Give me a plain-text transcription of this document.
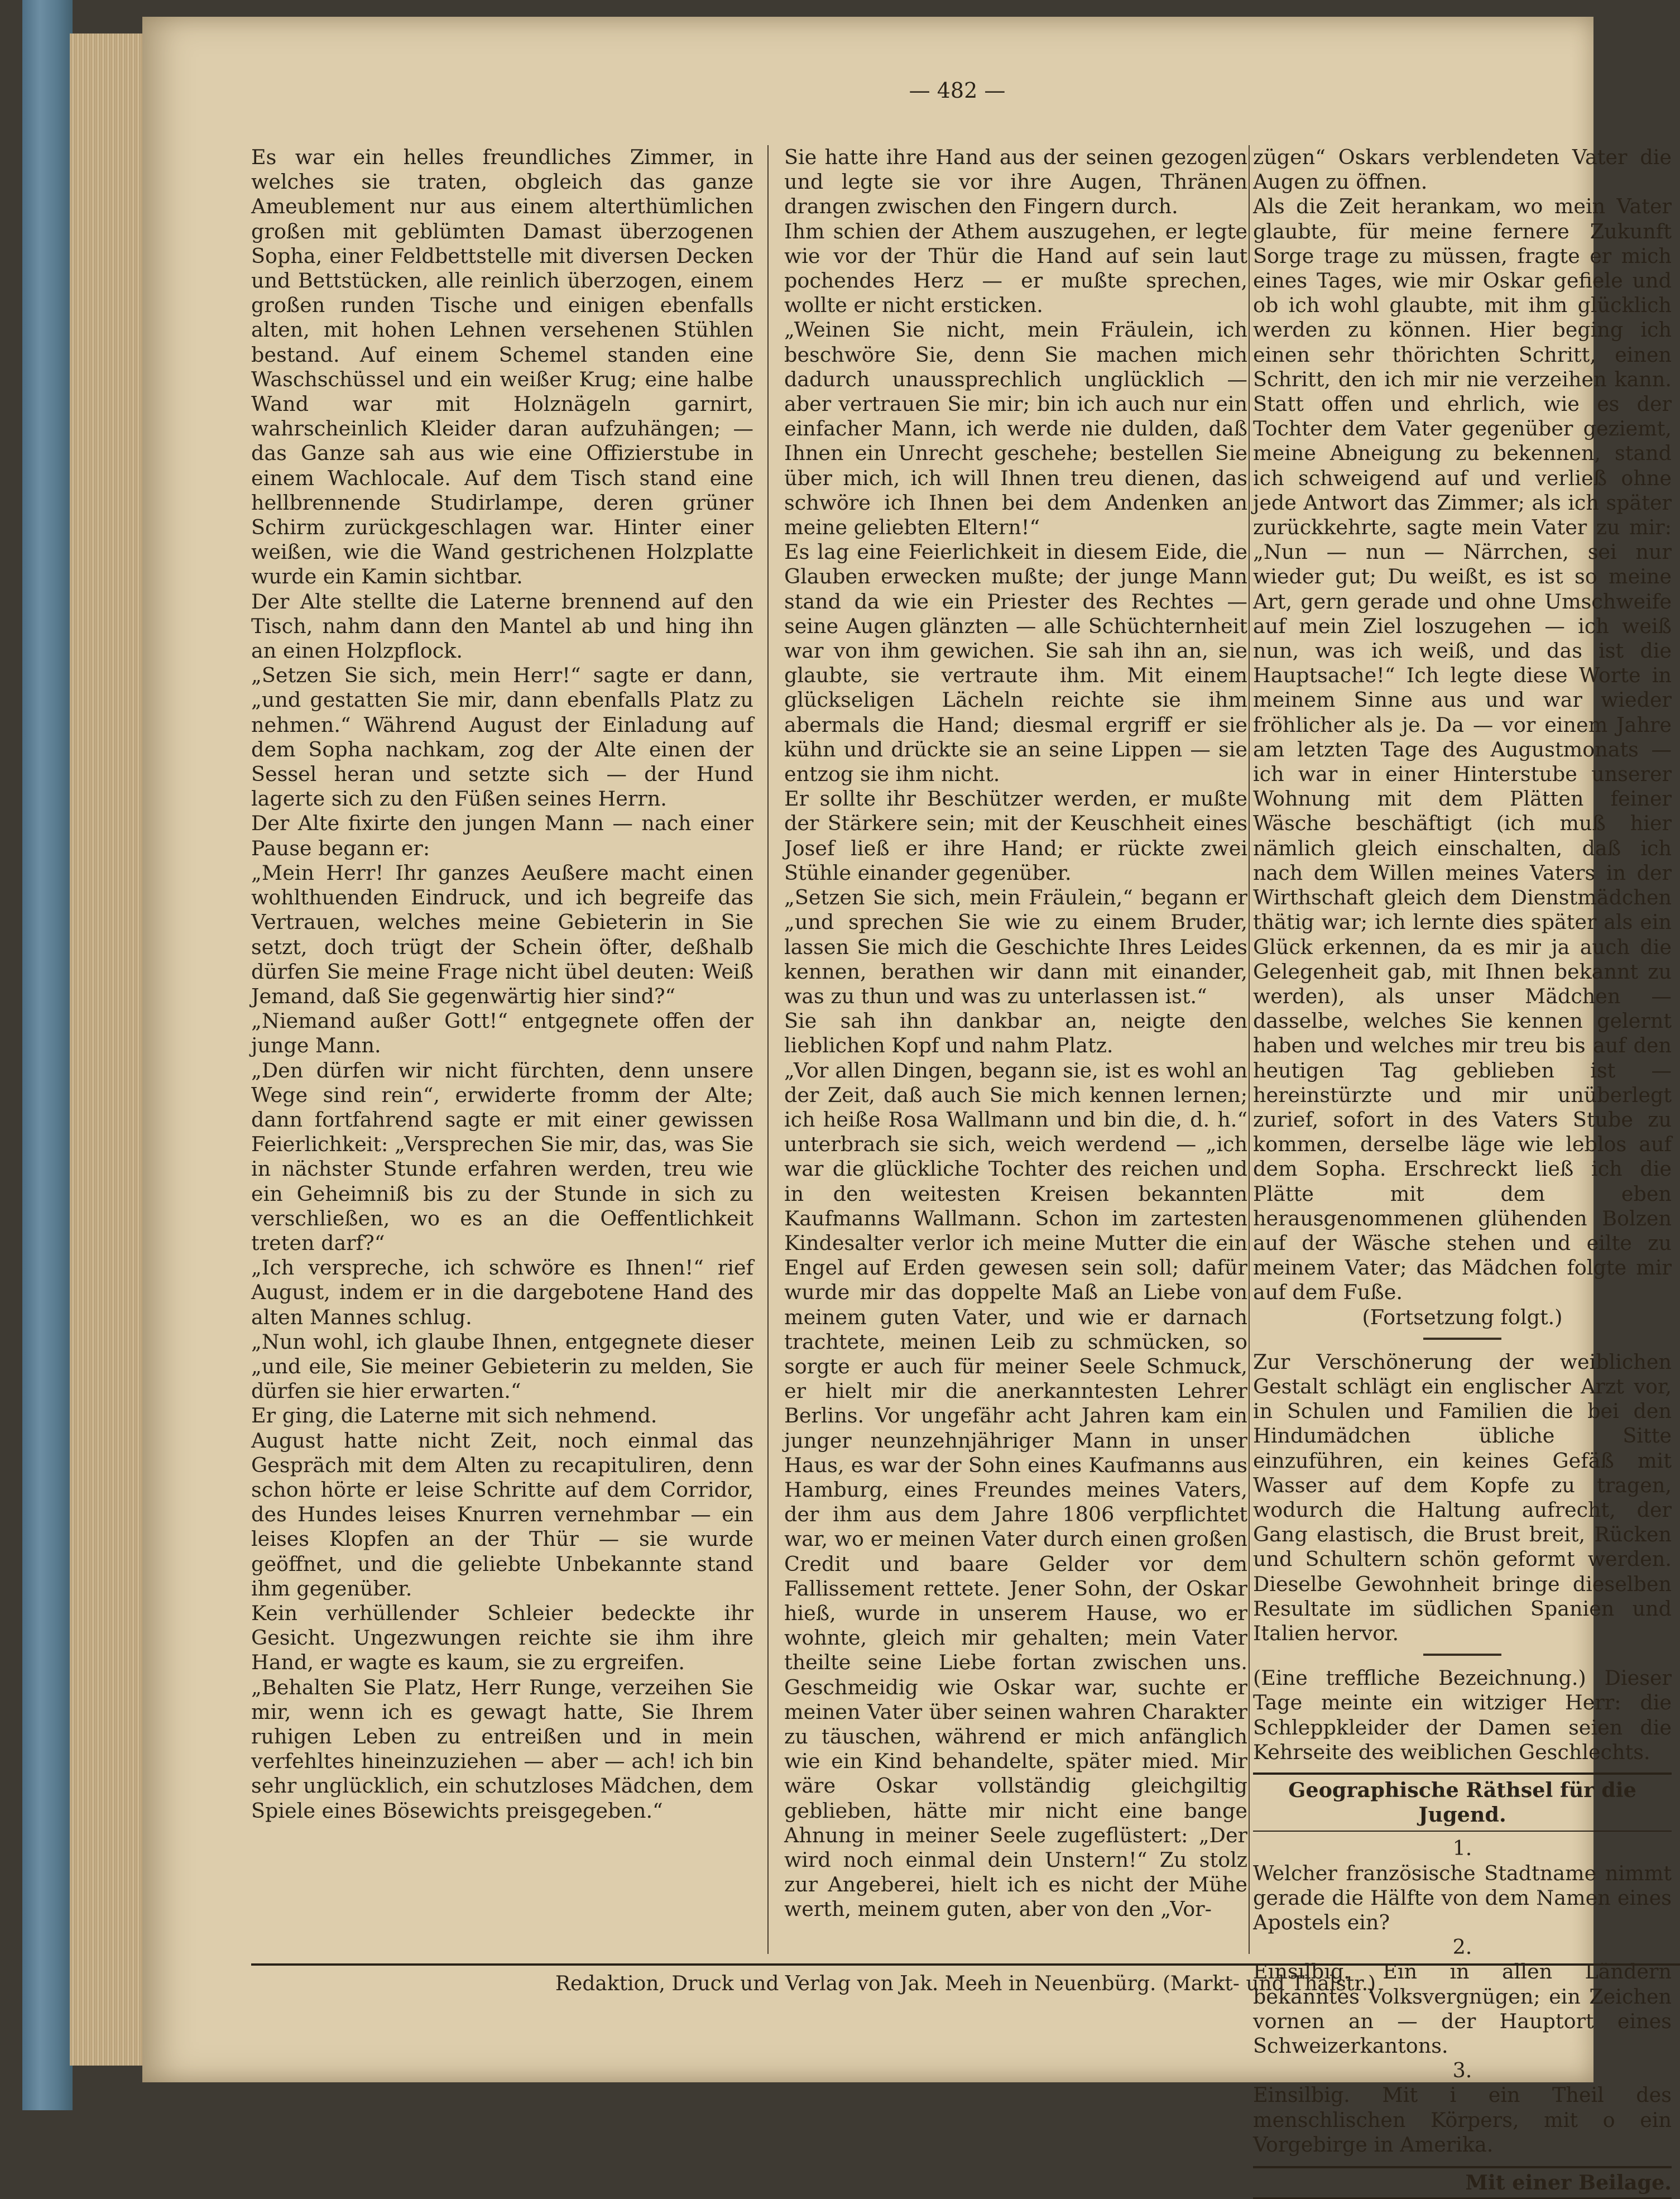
— 482 —

Es war ein helles freundliches Zimmer, in welches sie traten, obgleich das ganze Ameublement nur aus einem alterthümlichen großen mit geblümten Damast überzogenen Sopha, einer Feldbettstelle mit diversen Decken und Bettstücken, alle reinlich überzogen, einem großen runden Tische und einigen ebenfalls alten, mit hohen Lehnen versehenen Stühlen bestand. Auf einem Schemel standen eine Waschschüssel und ein weißer Krug; eine halbe Wand war mit Holznägeln garnirt, wahrscheinlich Kleider daran aufzuhängen; — das Ganze sah aus wie eine Offizierstube in einem Wachlocale. Auf dem Tisch stand eine hellbrennende Studirlampe, deren grüner Schirm zurückgeschlagen war. Hinter einer weißen, wie die Wand gestrichenen Holzplatte wurde ein Kamin sichtbar.

Der Alte stellte die Laterne brennend auf den Tisch, nahm dann den Mantel ab und hing ihn an einen Holzpflock.

„Setzen Sie sich, mein Herr!“ sagte er dann, „und gestatten Sie mir, dann ebenfalls Platz zu nehmen.“ Während August der Einladung auf dem Sopha nachkam, zog der Alte einen der Sessel heran und setzte sich — der Hund lagerte sich zu den Füßen seines Herrn.

Der Alte fixirte den jungen Mann — nach einer Pause begann er:

„Mein Herr! Ihr ganzes Aeußere macht einen wohlthuenden Eindruck, und ich begreife das Vertrauen, welches meine Gebieterin in Sie setzt, doch trügt der Schein öfter, deßhalb dürfen Sie meine Frage nicht übel deuten: Weiß Jemand, daß Sie gegenwärtig hier sind?“

„Niemand außer Gott!“ entgegnete offen der junge Mann.

„Den dürfen wir nicht fürchten, denn unsere Wege sind rein“, erwiderte fromm der Alte; dann fortfahrend sagte er mit einer gewissen Feierlichkeit: „Versprechen Sie mir, das, was Sie in nächster Stunde erfahren werden, treu wie ein Geheimniß bis zu der Stunde in sich zu verschließen, wo es an die Oeffentlichkeit treten darf?“

„Ich verspreche, ich schwöre es Ihnen!“ rief August, indem er in die dargebotene Hand des alten Mannes schlug.

„Nun wohl, ich glaube Ihnen, entgegnete dieser „und eile, Sie meiner Gebieterin zu melden, Sie dürfen sie hier erwarten.“

Er ging, die Laterne mit sich nehmend.

August hatte nicht Zeit, noch einmal das Gespräch mit dem Alten zu recapituliren, denn schon hörte er leise Schritte auf dem Corridor, des Hundes leises Knurren vernehmbar — ein leises Klopfen an der Thür — sie wurde geöffnet, und die geliebte Unbekannte stand ihm gegenüber.

Kein verhüllender Schleier bedeckte ihr Gesicht. Ungezwungen reichte sie ihm ihre Hand, er wagte es kaum, sie zu ergreifen.

„Behalten Sie Platz, Herr Runge, verzeihen Sie mir, wenn ich es gewagt hatte, Sie Ihrem ruhigen Leben zu entreißen und in mein verfehltes hineinzuziehen — aber — ach! ich bin sehr unglücklich, ein schutzloses Mädchen, dem Spiele eines Bösewichts preisgegeben.“

Sie hatte ihre Hand aus der seinen gezogen und legte sie vor ihre Augen, Thränen drangen zwischen den Fingern durch.

Ihm schien der Athem auszugehen, er legte wie vor der Thür die Hand auf sein laut pochendes Herz — er mußte sprechen, wollte er nicht ersticken.

„Weinen Sie nicht, mein Fräulein, ich beschwöre Sie, denn Sie machen mich dadurch unaussprechlich unglücklich — aber vertrauen Sie mir; bin ich auch nur ein einfacher Mann, ich werde nie dulden, daß Ihnen ein Unrecht geschehe; bestellen Sie über mich, ich will Ihnen treu dienen, das schwöre ich Ihnen bei dem Andenken an meine geliebten Eltern!“

Es lag eine Feierlichkeit in diesem Eide, die Glauben erwecken mußte; der junge Mann stand da wie ein Priester des Rechtes — seine Augen glänzten — alle Schüchternheit war von ihm gewichen. Sie sah ihn an, sie glaubte, sie vertraute ihm. Mit einem glückseligen Lächeln reichte sie ihm abermals die Hand; diesmal ergriff er sie kühn und drückte sie an seine Lippen — sie entzog sie ihm nicht.

Er sollte ihr Beschützer werden, er mußte der Stärkere sein; mit der Keuschheit eines Josef ließ er ihre Hand; er rückte zwei Stühle einander gegenüber.

„Setzen Sie sich, mein Fräulein,“ begann er „und sprechen Sie wie zu einem Bruder, lassen Sie mich die Geschichte Ihres Leides kennen, berathen wir dann mit einander, was zu thun und was zu unterlassen ist.“

Sie sah ihn dankbar an, neigte den lieblichen Kopf und nahm Platz.

„Vor allen Dingen, begann sie, ist es wohl an der Zeit, daß auch Sie mich kennen lernen; ich heiße Rosa Wallmann und bin die, d. h.“ unterbrach sie sich, weich werdend — „ich war die glückliche Tochter des reichen und in den weitesten Kreisen bekannten Kaufmanns Wallmann. Schon im zartesten Kindesalter verlor ich meine Mutter die ein Engel auf Erden gewesen sein soll; dafür wurde mir das doppelte Maß an Liebe von meinem guten Vater, und wie er darnach trachtete, meinen Leib zu schmücken, so sorgte er auch für meiner Seele Schmuck, er hielt mir die anerkanntesten Lehrer Berlins. Vor ungefähr acht Jahren kam ein junger neunzehnjähriger Mann in unser Haus, es war der Sohn eines Kaufmanns aus Hamburg, eines Freundes meines Vaters, der ihm aus dem Jahre 1806 verpflichtet war, wo er meinen Vater durch einen großen Credit und baare Gelder vor dem Fallissement rettete. Jener Sohn, der Oskar hieß, wurde in unserem Hause, wo er wohnte, gleich mir gehalten; mein Vater theilte seine Liebe fortan zwischen uns. Geschmeidig wie Oskar war, suchte er meinen Vater über seinen wahren Charakter zu täuschen, während er mich anfänglich wie ein Kind behandelte, später mied. Mir wäre Oskar vollständig gleichgiltig geblieben, hätte mir nicht eine bange Ahnung in meiner Seele zugeflüstert: „Der wird noch einmal dein Unstern!“ Zu stolz zur Angeberei, hielt ich es nicht der Mühe werth, meinem guten, aber von den „Vor-

zügen“ Oskars verblendeten Vater die Augen zu öffnen.

Als die Zeit herankam, wo mein Vater glaubte, für meine fernere Zukunft Sorge trage zu müssen, fragte er mich eines Tages, wie mir Oskar gefiele und ob ich wohl glaubte, mit ihm glücklich werden zu können. Hier beging ich einen sehr thörichten Schritt, einen Schritt, den ich mir nie verzeihen kann. Statt offen und ehrlich, wie es der Tochter dem Vater gegenüber geziemt, meine Abneigung zu bekennen, stand ich schweigend auf und verließ ohne jede Antwort das Zimmer; als ich später zurückkehrte, sagte mein Vater zu mir: „Nun — nun — Närrchen, sei nur wieder gut; Du weißt, es ist so meine Art, gern gerade und ohne Umschweife auf mein Ziel loszugehen — ich weiß nun, was ich weiß, und das ist die Hauptsache!“ Ich legte diese Worte in meinem Sinne aus und war wieder fröhlicher als je. Da — vor einem Jahre am letzten Tage des Augustmonats — ich war in einer Hinterstube unserer Wohnung mit dem Plätten feiner Wäsche beschäftigt (ich muß hier nämlich gleich einschalten, daß ich nach dem Willen meines Vaters in der Wirthschaft gleich dem Dienstmädchen thätig war; ich lernte dies später als ein Glück erkennen, da es mir ja auch die Gelegenheit gab, mit Ihnen bekannt zu werden), als unser Mädchen — dasselbe, welches Sie kennen gelernt haben und welches mir treu bis auf den heutigen Tag geblieben ist — hereinstürzte und mir unüberlegt zurief, sofort in des Vaters Stube zu kommen, derselbe läge wie leblos auf dem Sopha. Erschreckt ließ ich die Plätte mit dem eben herausgenommenen glühenden Bolzen auf der Wäsche stehen und eilte zu meinem Vater; das Mädchen folgte mir auf dem Fuße.

(Fortsetzung folgt.)

Zur Verschönerung der weiblichen Gestalt schlägt ein englischer Arzt vor, in Schulen und Familien die bei den Hindumädchen übliche Sitte einzuführen, ein keines Gefäß mit Wasser auf dem Kopfe zu tragen, wodurch die Haltung aufrecht, der Gang elastisch, die Brust breit, Rücken und Schultern schön geformt werden. Dieselbe Gewohnheit bringe dieselben Resultate im südlichen Spanien und Italien hervor.

(Eine treffliche Bezeichnung.) Dieser Tage meinte ein witziger Herr: die Schleppkleider der Damen seien die Kehrseite des weiblichen Geschlechts.

Geographische Räthsel für die Jugend.

1.

Welcher französische Stadtname nimmt gerade die Hälfte von dem Namen eines Apostels ein?

2.

Einsilbig. Ein in allen Ländern bekanntes Volksvergnügen; ein Zeichen vornen an — der Hauptort eines Schweizerkantons.

3.

Einsilbig. Mit i ein Theil des menschlischen Körpers, mit o ein Vorgebirge in Amerika.

Mit einer Beilage.
Redaktion, Druck und Verlag von Jak. Meeh in Neuenbürg. (Markt- und Thalstr.)
